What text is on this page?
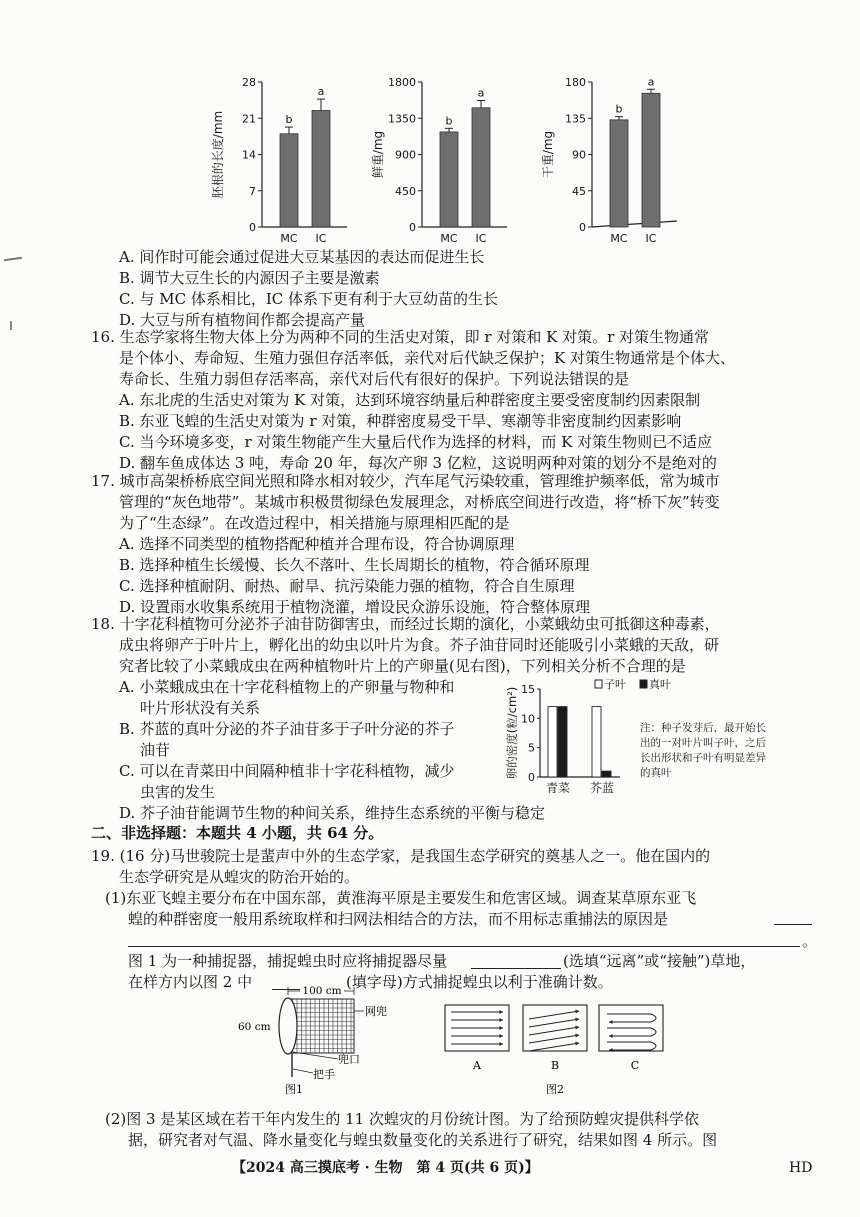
28
21
14
7
0
胚根的长度/mm	b
MC
a
IC
1800
1350
900
450
0
鲜重/mg
b
MC
a
IC
180
135
90
45
0
干重/mg
b
MC
a
IC
A. 间作时可能会通过促进大豆某基因的表达而促进生长
B. 调节大豆生长的内源因子主要是激素
C. 与 MC 体系相比，IC 体系下更有利于大豆幼苗的生长
D. 大豆与所有植物间作都会提高产量
16. 生态学家将生物大体上分为两种不同的生活史对策，即 r 对策和 K 对策。r 对策生物通常
是个体小、寿命短、生殖力强但存活率低，亲代对后代缺乏保护；K 对策生物通常是个体大、
寿命长、生殖力弱但存活率高，亲代对后代有很好的保护。下列说法错误的是
A. 东北虎的生活史对策为 K 对策，达到环境容纳量后种群密度主要受密度制约因素限制
B. 东亚飞蝗的生活史对策为 r 对策，种群密度易受干旱、寒潮等非密度制约因素影响
C. 当今环境多变，r 对策生物能产生大量后代作为选择的材料，而 K 对策生物则已不适应
D. 翻车鱼成体达 3 吨，寿命 20 年，每次产卵 3 亿粒，这说明两种对策的划分不是绝对的
17. 城市高架桥桥底空间光照和降水相对较少，汽车尾气污染较重，管理维护频率低，常为城市
管理的“灰色地带”。某城市积极贯彻绿色发展理念，对桥底空间进行改造，将“桥下灰”转变
为了“生态绿”。在改造过程中，相关措施与原理相匹配的是
A. 选择不同类型的植物搭配种植并合理布设，符合协调原理
B. 选择种植生长缓慢、长久不落叶、生长周期长的植物，符合循环原理
C. 选择种植耐阴、耐热、耐旱、抗污染能力强的植物，符合自生原理
D. 设置雨水收集系统用于植物浇灌，增设民众游乐设施，符合整体原理
18. 十字花科植物可分泌芥子油苷防御害虫，而经过长期的演化，小菜蛾幼虫可抵御这种毒素，
成虫将卵产于叶片上，孵化出的幼虫以叶片为食。芥子油苷同时还能吸引小菜蛾的天敌，研
究者比较了小菜蛾成虫在两种植物叶片上的产卵量(见右图)，下列相关分析不合理的是
A. 小菜蛾成虫在十字花科植物上的产卵量与物种和
叶片形状没有关系
B. 芥蓝的真叶分泌的芥子油苷多于子叶分泌的芥子
油苷
C. 可以在青菜田中间隔种植非十字花科植物，减少
虫害的发生
D. 芥子油苷能调节生物的种间关系，维持生态系统的平衡与稳定
15
10
5
0
卵的密度(粒/cm²)
青菜 芥蓝
子叶 真叶
注：种子发芽后，最开始长
出的一对叶片叫子叶，之后
长出形状和子叶有明显差异
的真叶
二、非选择题：本题共 4 小题，共 64 分。
19. (16 分)马世骏院士是蜚声中外的生态学家，是我国生态学研究的奠基人之一。他在国内的
生态学研究是从蝗灾的防治开始的。
(1)东亚飞蝗主要分布在中国东部，黄淮海平原是主要发生和危害区域。调查某草原东亚飞
蝗的种群密度一般用系统取样和扫网法相结合的方法，而不用标志重捕法的原因是
。
图 1 为一种捕捉器，捕捉蝗虫时应将捕捉器尽量	(选填“远离”或“接触”)草地，
在样方内以图 2 中	(填字母)方式捕捉蝗虫以利于准确计数。
(2)图 3 是某区域在若干年内发生的 11 次蝗灾的月份统计图。为了给预防蝗灾提供科学依
据，研究者对气温、降水量变化与蝗虫数量变化的关系进行了研究，结果如图 4 所示。图
100 cm
60 cm
网兜
兜口
把手
图1
A	B	C
图2
【2024 高三摸底考 · 生物　第 4 页(共 6 页)】	HD
